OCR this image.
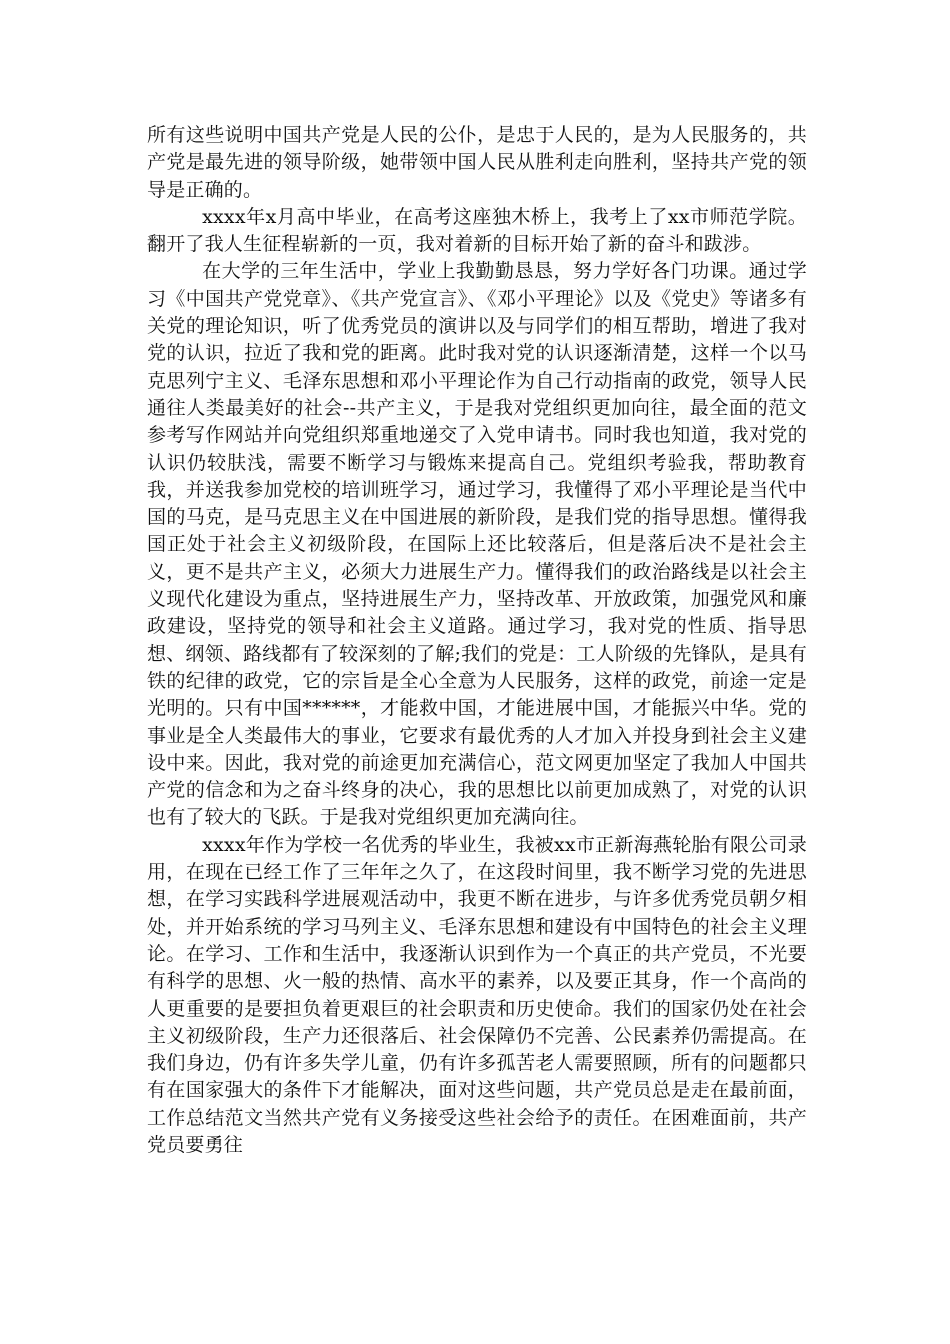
所有这些说明中国共产党是人民的公仆，是忠于人民的，是为人民服务的，共产党是最先进的领导阶级，她带领中国人民从胜利走向胜利，坚持共产党的领导是正确的。

xxxx年x月高中毕业，在高考这座独木桥上，我考上了xx市师范学院。翻开了我人生征程崭新的一页，我对着新的目标开始了新的奋斗和跋涉。

在大学的三年生活中，学业上我勤勤恳恳，努力学好各门功课。通过学习《中国共产党党章》、《共产党宣言》、《邓小平理论》以及《党史》等诸多有关党的理论知识，听了优秀党员的演讲以及与同学们的相互帮助，增进了我对党的认识，拉近了我和党的距离。此时我对党的认识逐渐清楚，这样一个以马克思列宁主义、毛泽东思想和邓小平理论作为自己行动指南的政党，领导人民通往人类最美好的社会--共产主义，于是我对党组织更加向往，最全面的范文参考写作网站并向党组织郑重地递交了入党申请书。同时我也知道，我对党的认识仍较肤浅，需要不断学习与锻炼来提高自己。党组织考验我，帮助教育我，并送我参加党校的培训班学习，通过学习，我懂得了邓小平理论是当代中国的马克，是马克思主义在中国进展的新阶段，是我们党的指导思想。懂得我国正处于社会主义初级阶段，在国际上还比较落后，但是落后决不是社会主义，更不是共产主义，必须大力进展生产力。懂得我们的政治路线是以社会主义现代化建设为重点，坚持进展生产力，坚持改革、开放政策，加强党风和廉政建设，坚持党的领导和社会主义道路。通过学习，我对党的性质、指导思想、纲领、路线都有了较深刻的了解;我们的党是：工人阶级的先锋队，是具有铁的纪律的政党，它的宗旨是全心全意为人民服务，这样的政党，前途一定是光明的。只有中国******，才能救中国，才能进展中国，才能振兴中华。党的事业是全人类最伟大的事业，它要求有最优秀的人才加入并投身到社会主义建设中来。因此，我对党的前途更加充满信心，范文网更加坚定了我加人中国共产党的信念和为之奋斗终身的决心，我的思想比以前更加成熟了，对党的认识也有了较大的飞跃。于是我对党组织更加充满向往。

xxxx年作为学校一名优秀的毕业生，我被xx市正新海燕轮胎有限公司录用，在现在已经工作了三年年之久了，在这段时间里，我不断学习党的先进思想，在学习实践科学进展观活动中，我更不断在进步，与许多优秀党员朝夕相处，并开始系统的学习马列主义、毛泽东思想和建设有中国特色的社会主义理论。在学习、工作和生活中，我逐渐认识到作为一个真正的共产党员，不光要有科学的思想、火一般的热情、高水平的素养，以及要正其身，作一个高尚的人更重要的是要担负着更艰巨的社会职责和历史使命。我们的国家仍处在社会主义初级阶段，生产力还很落后、社会保障仍不完善、公民素养仍需提高。在我们身边，仍有许多失学儿童，仍有许多孤苦老人需要照顾，所有的问题都只有在国家强大的条件下才能解决，面对这些问题，共产党员总是走在最前面，工作总结范文当然共产党有义务接受这些社会给予的责任。在困难面前，共产党员要勇往
